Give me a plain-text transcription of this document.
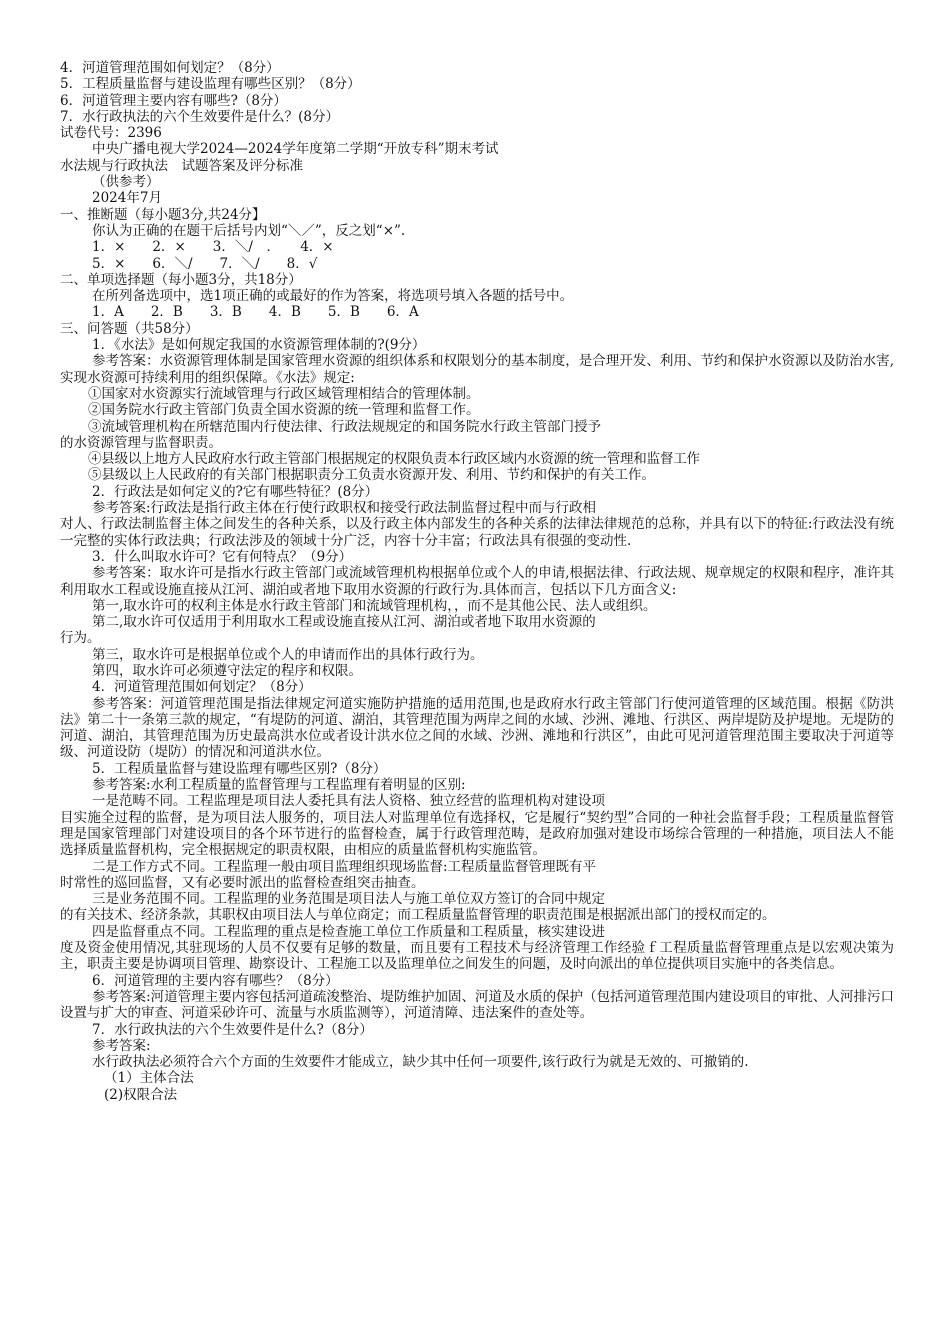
4．河道管理范围如何划定？（8分）
5．工程质量监督与建设监理有哪些区别？（8分）
6．河道管理主要内容有哪些?（8分）
7．水行政执法的六个生效要件是什么？(8分）
试卷代号：2396
中央广播电视大学2024—2024学年度第二学期“开放专科”期末考试
水法规与行政执法　试题答案及评分标准
（供参考）
2024年7月
一、推断题（每小题3分,共24分】
你认为正确的在题干后括号内划“＼／”，反之划“×”.
1．×　　2．×　　3．＼/　．　　4．×
5．×　　6．＼/　　7．＼/　　8．√
二、单项选择题（每小题3分，共18分）
在所列备选项中，选1项正确的或最好的作为答案，将选项号填入各题的括号中。
1．A　　2．B　　3．B　　4．B　　5．B　　6．A
三、问答题（共58分）
1．《水法》是如何规定我国的水资源管理体制的?(9分）

参考答案：水资源管理体制是国家管理水资源的组织体系和权限划分的基本制度，是合理开发、利用、节约和保护水资源以及防治水害,实现水资源可持续利用的组织保障。《水法》规定:

①国家对水资源实行流域管理与行政区域管理相结合的管理体制。
②国务院水行政主管部门负责全国水资源的统一管理和监督工作。
③流域管理机构在所辖范围内行使法律、行政法规规定的和国务院水行政主管部门授予
的水资源管理与监督职责。
④县级以上地方人民政府水行政主管部门根据规定的权限负责本行政区域内水资源的统一管理和监督工作
⑤县级以上人民政府的有关部门根据职责分工负责水资源开发、利用、节约和保护的有关工作。
2．行政法是如何定义的?它有哪些特征？(8分）
参考答案:行政法是指行政主体在行使行政职权和接受行政法制监督过程中而与行政相

对人、行政法制监督主体之间发生的各种关系，以及行政主体内部发生的各种关系的法律法律规范的总称，并具有以下的特征:行政法没有统一完整的实体行政法典；行政法涉及的领域十分广泛，内容十分丰富；行政法具有很强的变动性.

3．什么叫取水许可？它有何特点？（9分）

参考答案：取水许可是指水行政主管部门或流域管理机构根据单位或个人的申请,根据法律、行政法规、规章规定的权限和程序，准许其利用取水工程或设施直接从江河、湖泊或者地下取用水资源的行政行为.具体而言，包括以下几方面含义:

第一,取水许可的权利主体是水行政主管部门和流域管理机构，，而不是其他公民、法人或组织。
第二,取水许可仅适用于利用取水工程或设施直接从江河、湖泊或者地下取用水资源的
行为。
第三，取水许可是根据单位或个人的申请而作出的具体行政行为。
第四，取水许可必须遵守法定的程序和权限。
4．河道管理范围如何划定？（8分）

参考答案：河道管理范围是指法律规定河道实施防护措施的适用范围,也是政府水行政主管部门行使河道管理的区域范围。根据《防洪法》第二十一条第三款的规定，“有堤防的河道、湖泊，其管理范围为两岸之间的水域、沙洲、滩地、行洪区、两岸堤防及护堤地。无堤防的河道、湖泊，其管理范围为历史最高洪水位或者设计洪水位之间的水域、沙洲、滩地和行洪区”，由此可见河道管理范围主要取决于河道等级、河道设防（堤防）的情况和河道洪水位。

5．工程质量监督与建设监理有哪些区别?（8分）
参考答案:水利工程质量的监督管理与工程监理有着明显的区别:
一是范畴不同。工程监理是项目法人委托具有法人资格、独立经营的监理机构对建设项

目实施全过程的监督，是为项目法人服务的，项目法人对监理单位有选择权，它是履行“契约型”合同的一种社会监督手段；工程质量监督管理是国家管理部门对建设项目的各个环节进行的监督检查，属于行政管理范畴，是政府加强对建设市场综合管理的一种措施，项目法人不能选择质量监督机构，完全根据规定的职责权限，由相应的质量监督机构实施监管。

二是工作方式不同。工程监理一般由项目监理组织现场监督:工程质量监督管理既有平
时常性的巡回监督，又有必要时派出的监督检查组突击抽查。
三是业务范围不同。工程监理的业务范围是项目法人与施工单位双方签订的合同中规定

的有关技术、经济条款，其职权由项目法人与单位商定；而工程质量监督管理的职责范围是根据派出部门的授权而定的。

四是监督重点不同。工程监理的重点是检查施工单位工作质量和工程质量，核实建设进

度及资金使用情况,其驻现场的人员不仅要有足够的数量，而且要有工程技术与经济管理工作经验ｆ工程质量监督管理重点是以宏观决策为主，职责主要是协调项目管理、勘察设计、工程施工以及监理单位之间发生的问题，及时向派出的单位提供项目实施中的各类信息。

6．河道管理的主要内容有哪些？（8分）

参考答案:河道管理主要内容包括河道疏浚整治、堤防维护加固、河道及水质的保护（包括河道管理范围内建设项目的审批、人河排污口设置与扩大的审查、河道采砂许可、流量与水质监测等），河道清障、违法案件的查处等。

7．水行政执法的六个生效要件是什么?（8分）
参考答案:

水行政执法必须符合六个方面的生效要件才能成立，缺少其中任何一项要件,该行政行为就是无效的、可撤销的.

（1）主体合法
(2)权限合法
